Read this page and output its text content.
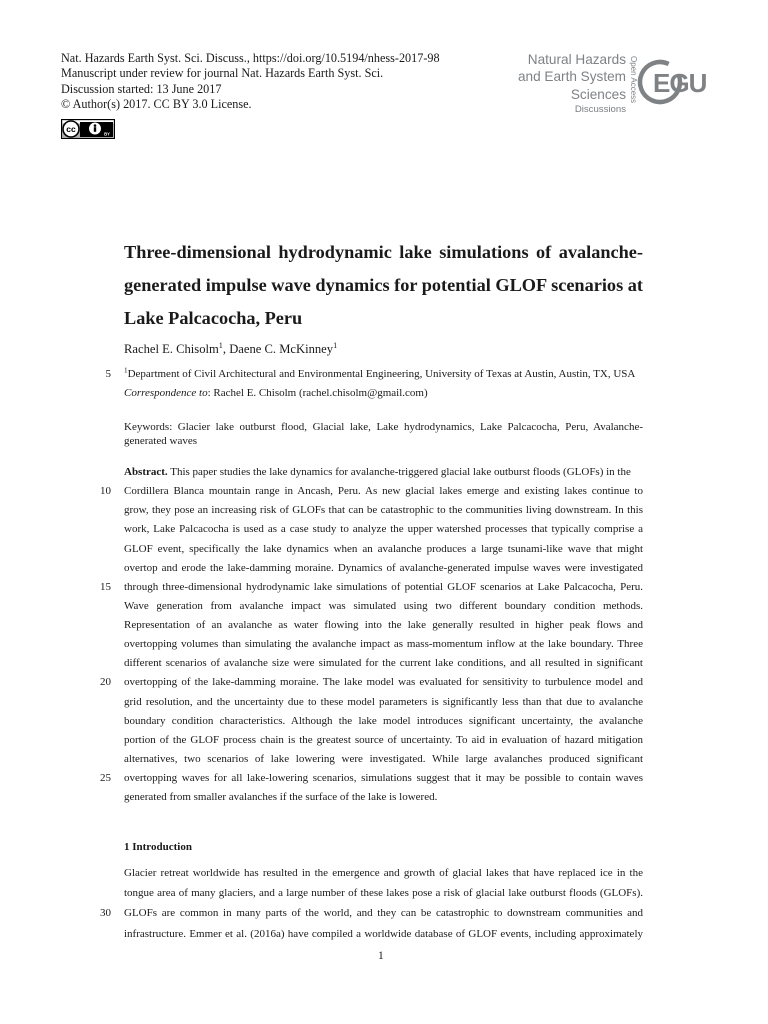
Nat. Hazards Earth Syst. Sci. Discuss., https://doi.org/10.5194/nhess-2017-98
Manuscript under review for journal Nat. Hazards Earth Syst. Sci.
Discussion started: 13 June 2017
© Author(s) 2017. CC BY 3.0 License.
cc	BY
Natural Hazards
and Earth System
Sciences
Discussions
Open Access EGU
Three-dimensional hydrodynamic lake simulations of avalanche-generated impulse wave dynamics for potential GLOF scenarios at Lake Palcacocha, Peru
Rachel E. Chisolm$^1$, Daene C. McKinney$^1$
5 $^1$Department of Civil Architectural and Environmental Engineering, University of Texas at Austin, Austin, TX, USA
Correspondence to: Rachel E. Chisolm (rachel.chisolm@gmail.com)
Keywords: Glacier lake outburst flood, Glacial lake, Lake hydrodynamics, Lake Palcacocha, Peru, Avalanche-generated waves
Abstract. This paper studies the lake dynamics for avalanche-triggered glacial lake outburst floods (GLOFs) in the
Cordillera Blanca mountain range in Ancash, Peru. As new glacial lakes emerge and existing lakes continue to
10
grow, they pose an increasing risk of GLOFs that can be catastrophic to the communities living downstream. In this
work, Lake Palcacocha is used as a case study to analyze the upper watershed processes that typically comprise a
GLOF event, specifically the lake dynamics when an avalanche produces a large tsunami-like wave that might
overtop and erode the lake-damming moraine. Dynamics of avalanche-generated impulse waves were investigated
through three-dimensional hydrodynamic lake simulations of potential GLOF scenarios at Lake Palcacocha, Peru.
15
Wave generation from avalanche impact was simulated using two different boundary condition methods.
Representation of an avalanche as water flowing into the lake generally resulted in higher peak flows and
overtopping volumes than simulating the avalanche impact as mass-momentum inflow at the lake boundary. Three
different scenarios of avalanche size were simulated for the current lake conditions, and all resulted in significant
overtopping of the lake-damming moraine. The lake model was evaluated for sensitivity to turbulence model and
20
grid resolution, and the uncertainty due to these model parameters is significantly less than that due to avalanche
boundary condition characteristics. Although the lake model introduces significant uncertainty, the avalanche
portion of the GLOF process chain is the greatest source of uncertainty. To aid in evaluation of hazard mitigation
alternatives, two scenarios of lake lowering were investigated. While large avalanches produced significant
overtopping waves for all lake-lowering scenarios, simulations suggest that it may be possible to contain waves
25
generated from smaller avalanches if the surface of the lake is lowered.
Glacier retreat worldwide has resulted in the emergence and growth of glacial lakes that have replaced ice in the
tongue area of many glaciers, and a large number of these lakes pose a risk of glacial lake outburst floods (GLOFs).
GLOFs are common in many parts of the world, and they can be catastrophic to downstream communities and
30
infrastructure. Emmer et al. (2016a) have compiled a worldwide database of GLOF events, including approximately
1 Introduction
1
